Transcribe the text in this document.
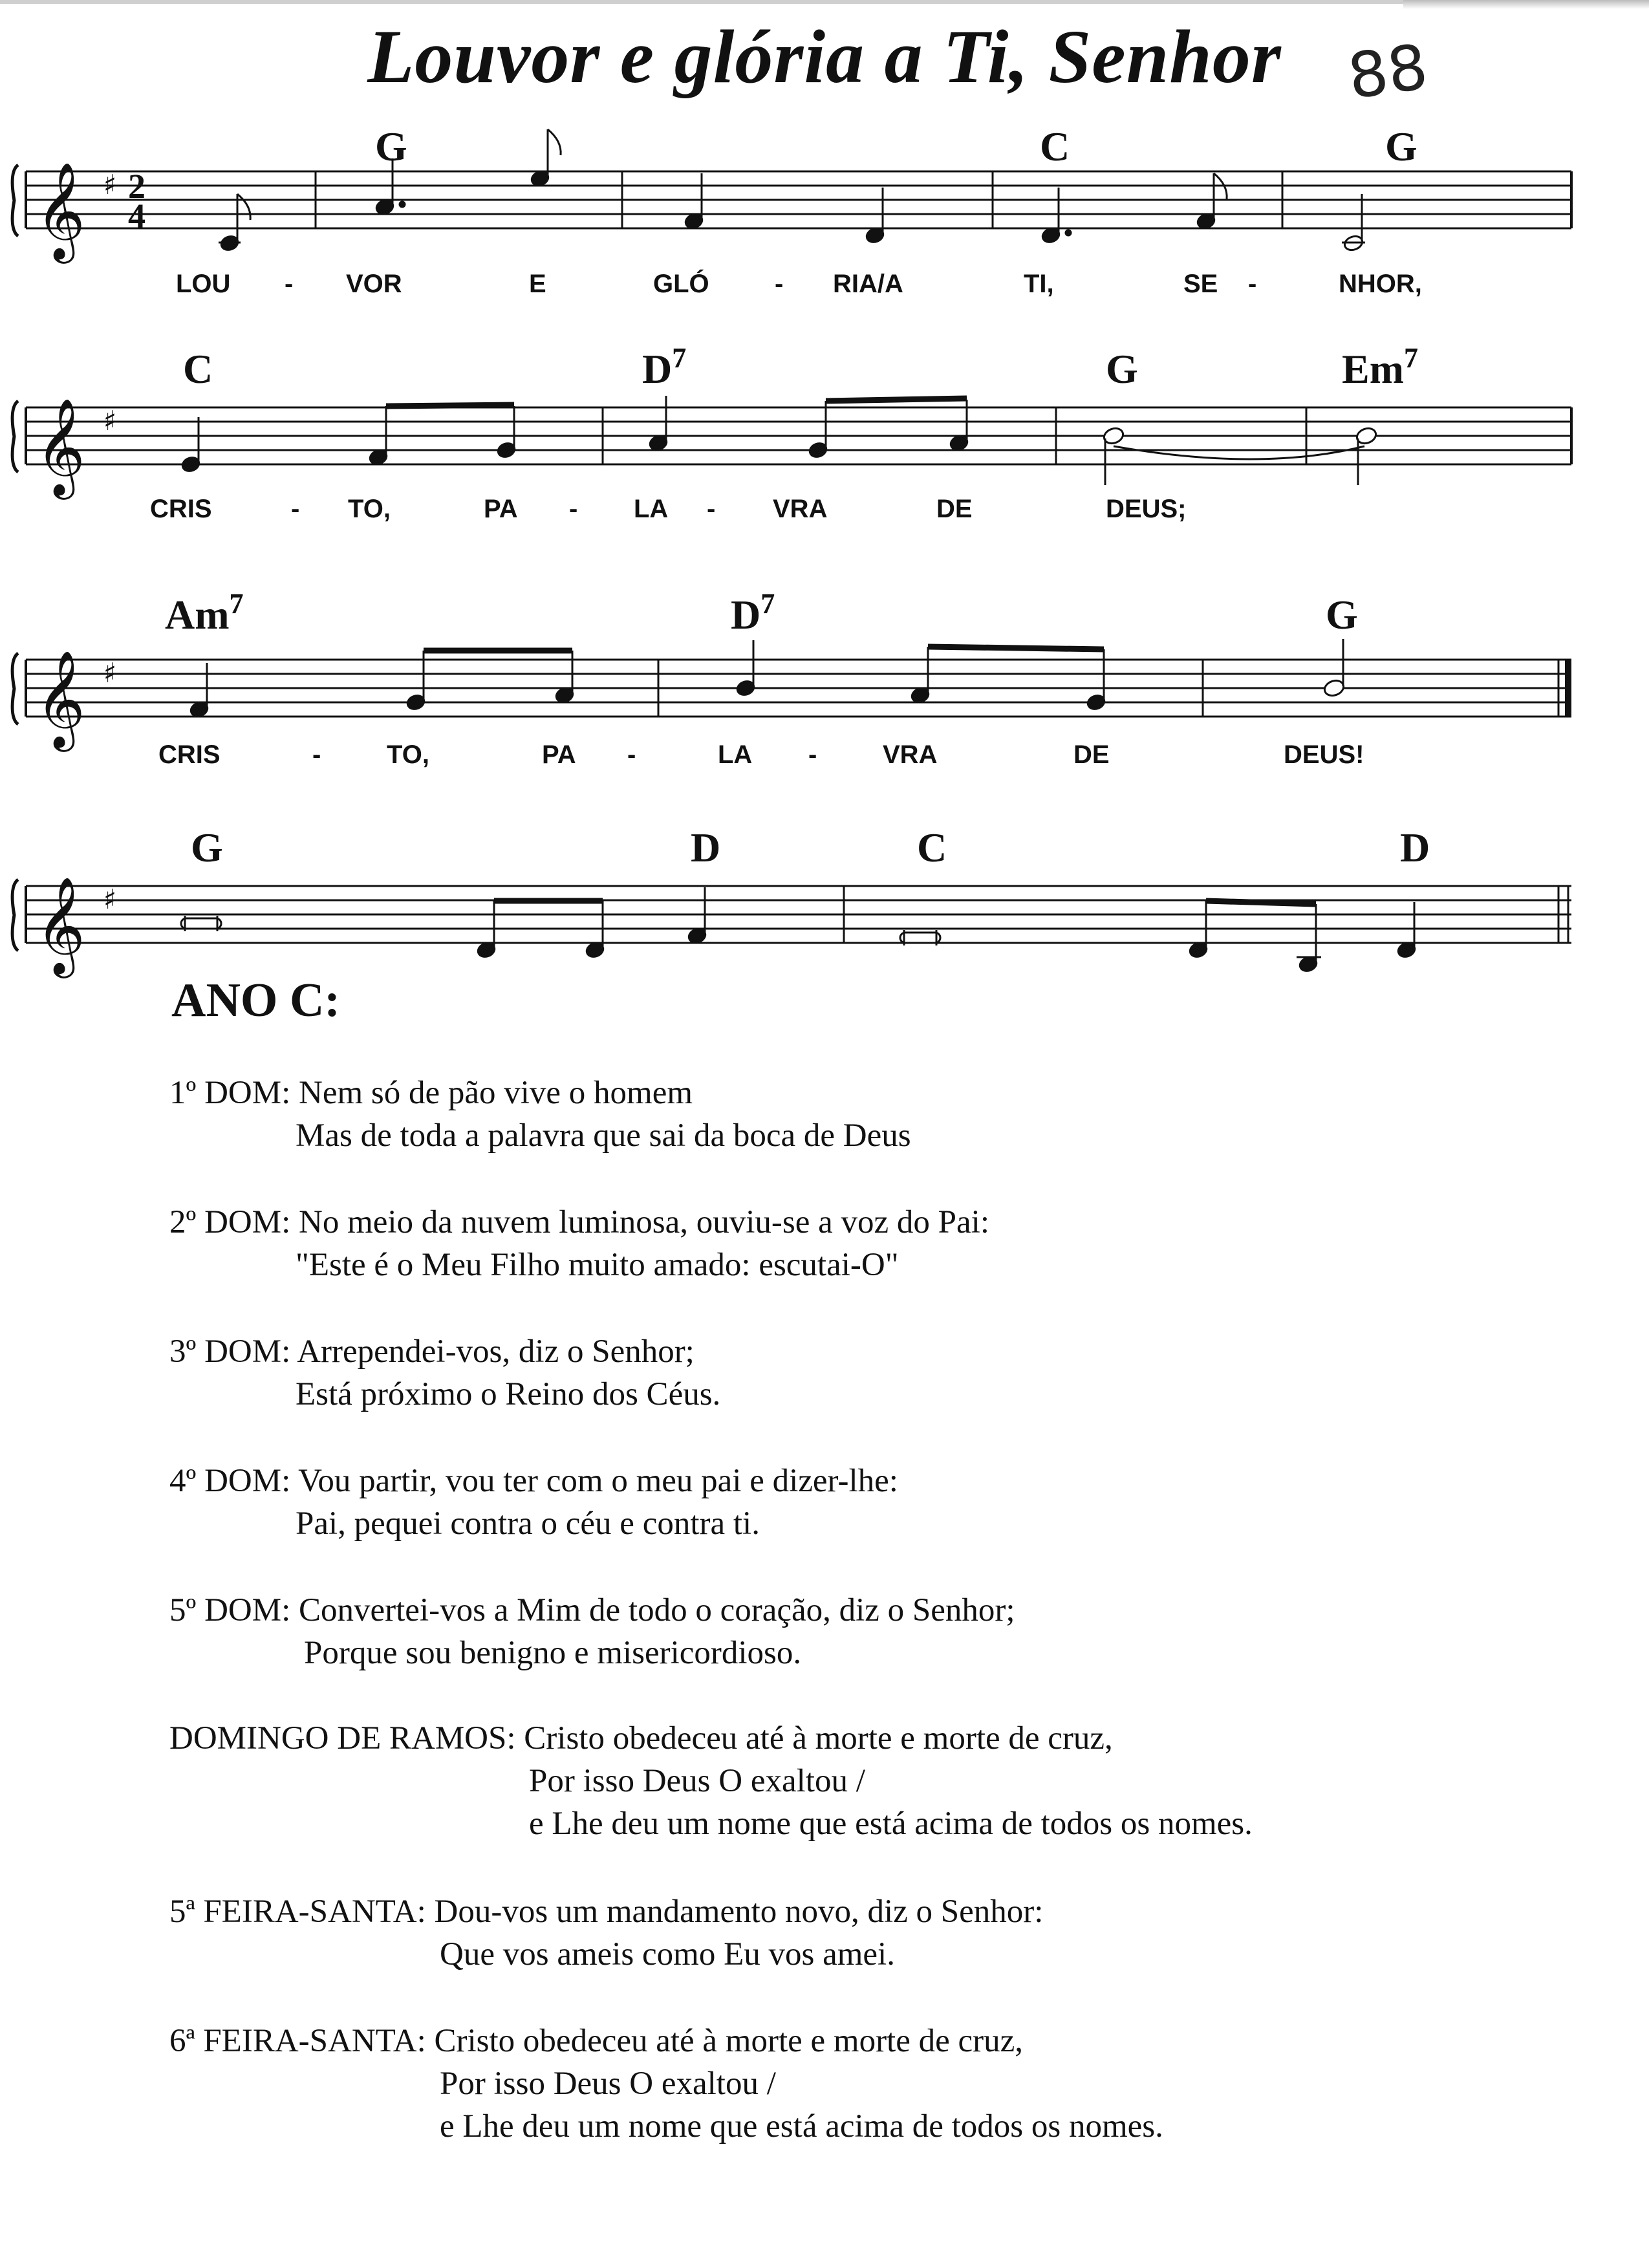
Louvor e glória a Ti, Senhor	88
𝄞 ♯ 2
4
𝄞 ♯
𝄞 ♯
𝄞 ♯
G	C	G
C	$D^7$	G	Em$^7$
Am$^7$	$D^7$	G
G	D	C	D
LOU - VOR	E	GLÓ	- RIA/A	TI,	SE -	NHOR,
CRIS	- TO,	PA - LA - VRA	DE	DEUS;
CRIS	-	TO,	PA -	LA -	VRA	DE	DEUS!
ANO C:
1º DOM: Nem só de pão vive o homem
Mas de toda a palavra que sai da boca de Deus
2º DOM: No meio da nuvem luminosa, ouviu-se a voz do Pai:
"Este é o Meu Filho muito amado: escutai-O"
3º DOM: Arrependei-vos, diz o Senhor;
Está próximo o Reino dos Céus.
4º DOM: Vou partir, vou ter com o meu pai e dizer-lhe:
Pai, pequei contra o céu e contra ti.
5º DOM: Convertei-vos a Mim de todo o coração, diz o Senhor;
Porque sou benigno e misericordioso.
DOMINGO DE RAMOS: Cristo obedeceu até à morte e morte de cruz,
Por isso Deus O exaltou /
e Lhe deu um nome que está acima de todos os nomes.
5ª FEIRA-SANTA: Dou-vos um mandamento novo, diz o Senhor:
Que vos ameis como Eu vos amei.
6ª FEIRA-SANTA: Cristo obedeceu até à morte e morte de cruz,
Por isso Deus O exaltou /
e Lhe deu um nome que está acima de todos os nomes.
